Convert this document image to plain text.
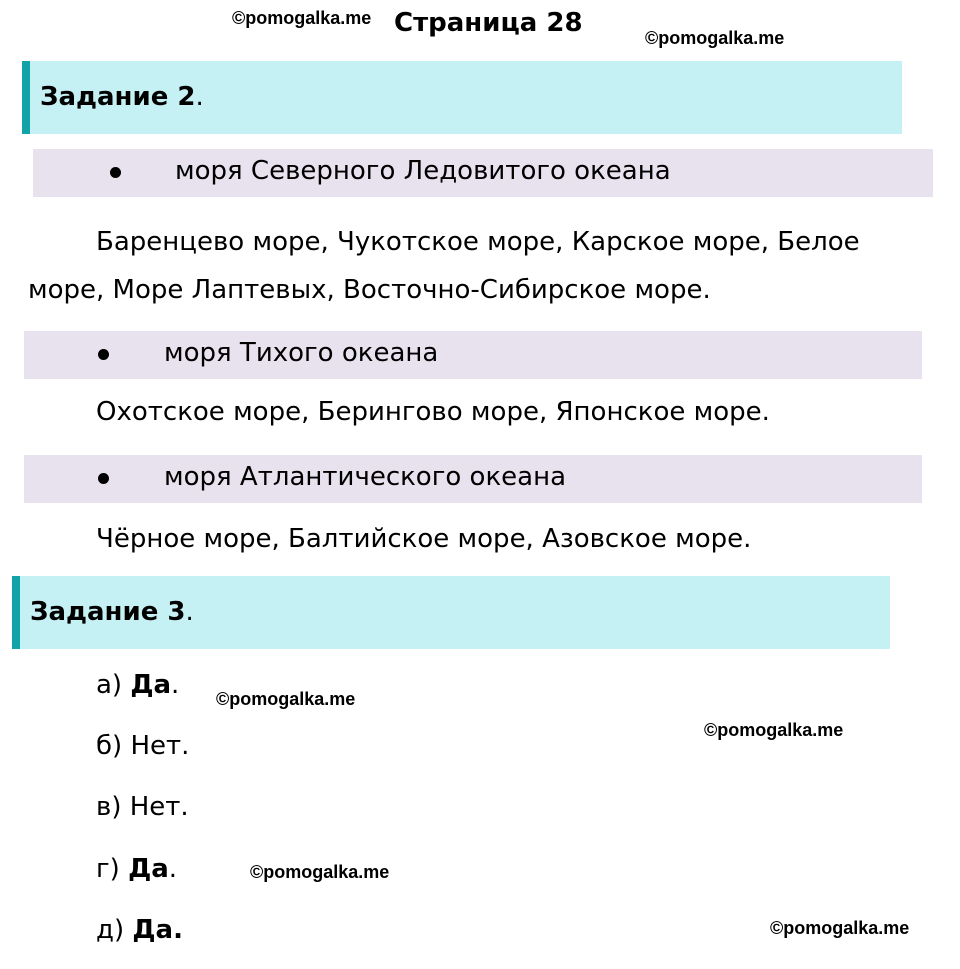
©pomogalka.me
©pomogalka.me
©pomogalka.me
©pomogalka.me
©pomogalka.me
©pomogalka.me
Страница 28
Задание 2.
моря Северного Ледовитого океана
Баренцево море, Чукотское море, Карское море, Белое
море, Море Лаптевых, Восточно-Сибирское море.
моря Тихого океана
Охотское море, Берингово море, Японское море.
моря Атлантического океана
Чёрное море, Балтийское море, Азовское море.
Задание 3.
а) Да.
б) Нет.
в) Нет.
г) Да.
д) Да.
